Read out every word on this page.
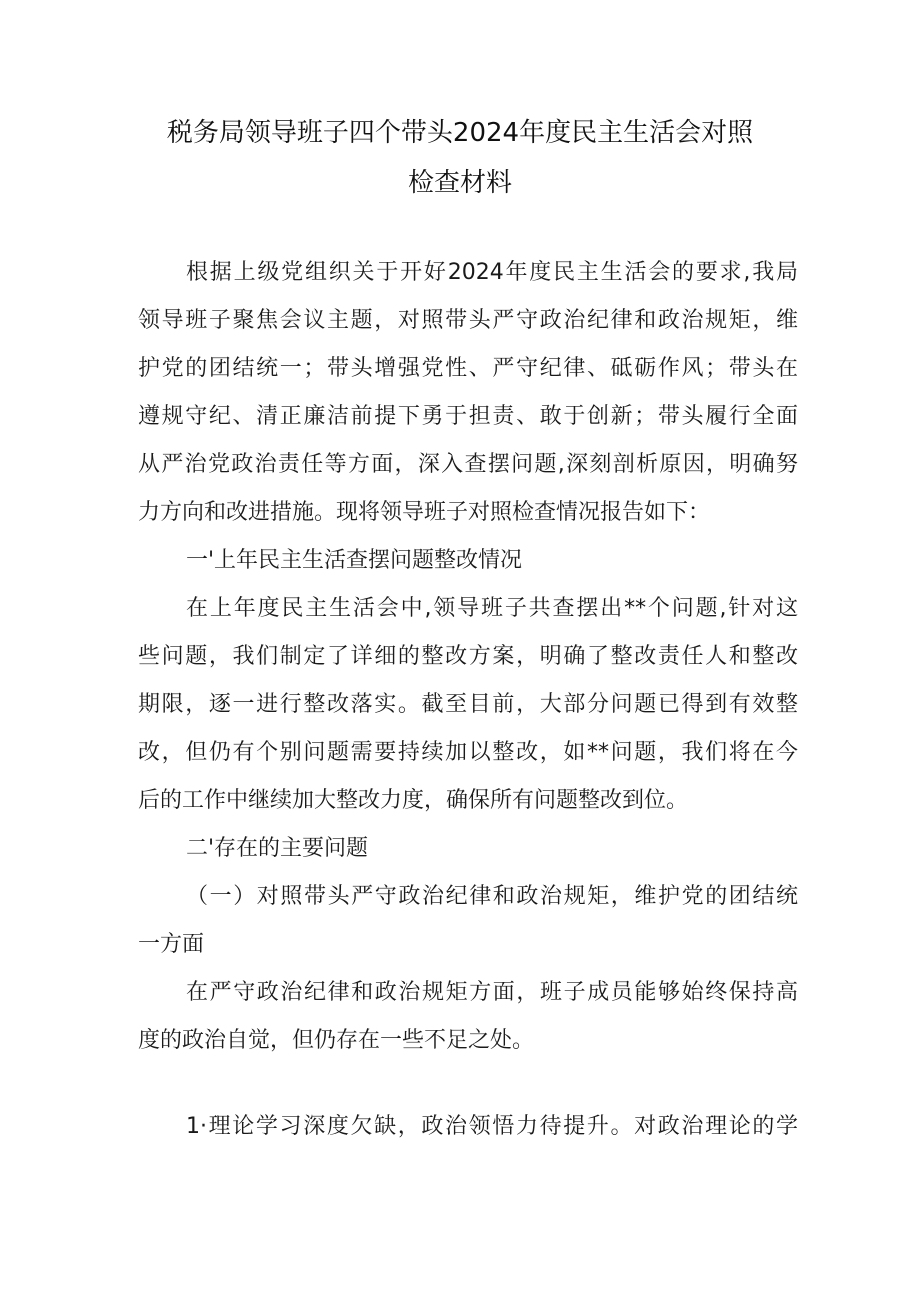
税务局领导班子四个带头2024年度民主生活会对照
检查材料
根据上级党组织关于开好2024年度民主生活会的要求,我局
领导班子聚焦会议主题，对照带头严守政治纪律和政治规矩，维
护党的团结统一；带头增强党性、严守纪律、砥砺作风；带头在
遵规守纪、清正廉洁前提下勇于担责、敢于创新；带头履行全面
从严治党政治责任等方面，深入查摆问题,深刻剖析原因，明确努
力方向和改进措施。现将领导班子对照检查情况报告如下：
一'上年民主生活查摆问题整改情况
在上年度民主生活会中,领导班子共查摆出**个问题,针对这
些问题，我们制定了详细的整改方案，明确了整改责任人和整改
期限，逐一进行整改落实。截至目前，大部分问题已得到有效整
改，但仍有个别问题需要持续加以整改，如**问题，我们将在今
后的工作中继续加大整改力度，确保所有问题整改到位。
二'存在的主要问题
（一）对照带头严守政治纪律和政治规矩，维护党的团结统
一方面
在严守政治纪律和政治规矩方面，班子成员能够始终保持高
度的政治自觉，但仍存在一些不足之处。
1·理论学习深度欠缺，政治领悟力待提升。对政治理论的学
